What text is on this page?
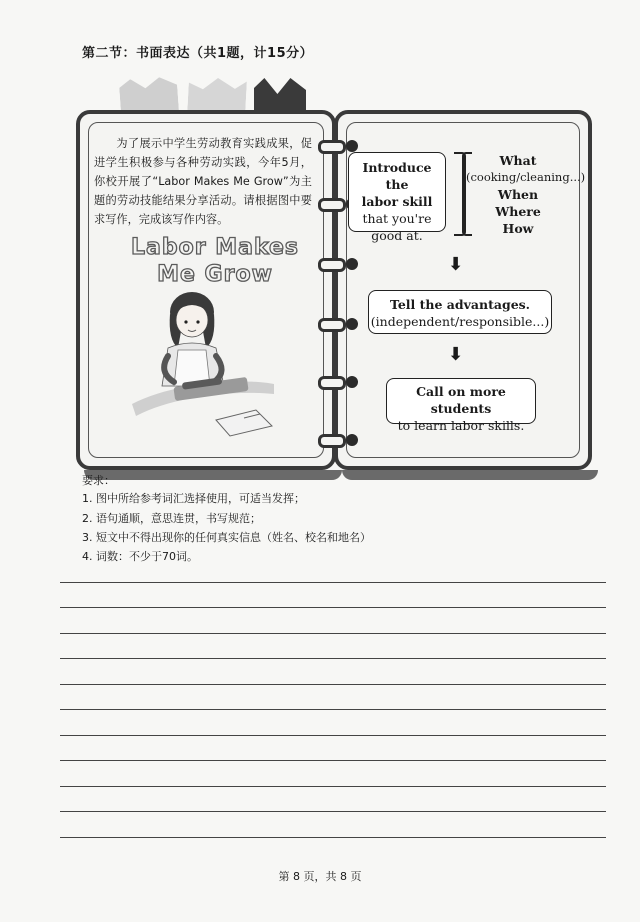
第二节：书面表达（共1题，计15分）
为了展示中学生劳动教育实践成果，促进学生积极参与各种劳动实践，今年5月，你校开展了“Labor Makes Me Grow”为主题的劳动技能结果分享活动。请根据图中要求写作，完成该写作内容。
Labor Makes
Me Grow
Introduce the
labor skill
that you're
good at.
What
(cooking/cleaning...)
When
Where
How
⬇
Tell the advantages.
(independent/responsible...)
⬇
Call on more students
to learn labor skills.
要求：
1. 图中所给参考词汇选择使用，可适当发挥；
2. 语句通顺，意思连贯，书写规范；
3. 短文中不得出现你的任何真实信息（姓名、校名和地名）
4. 词数：不少于70词。
第 8 页，共 8 页
